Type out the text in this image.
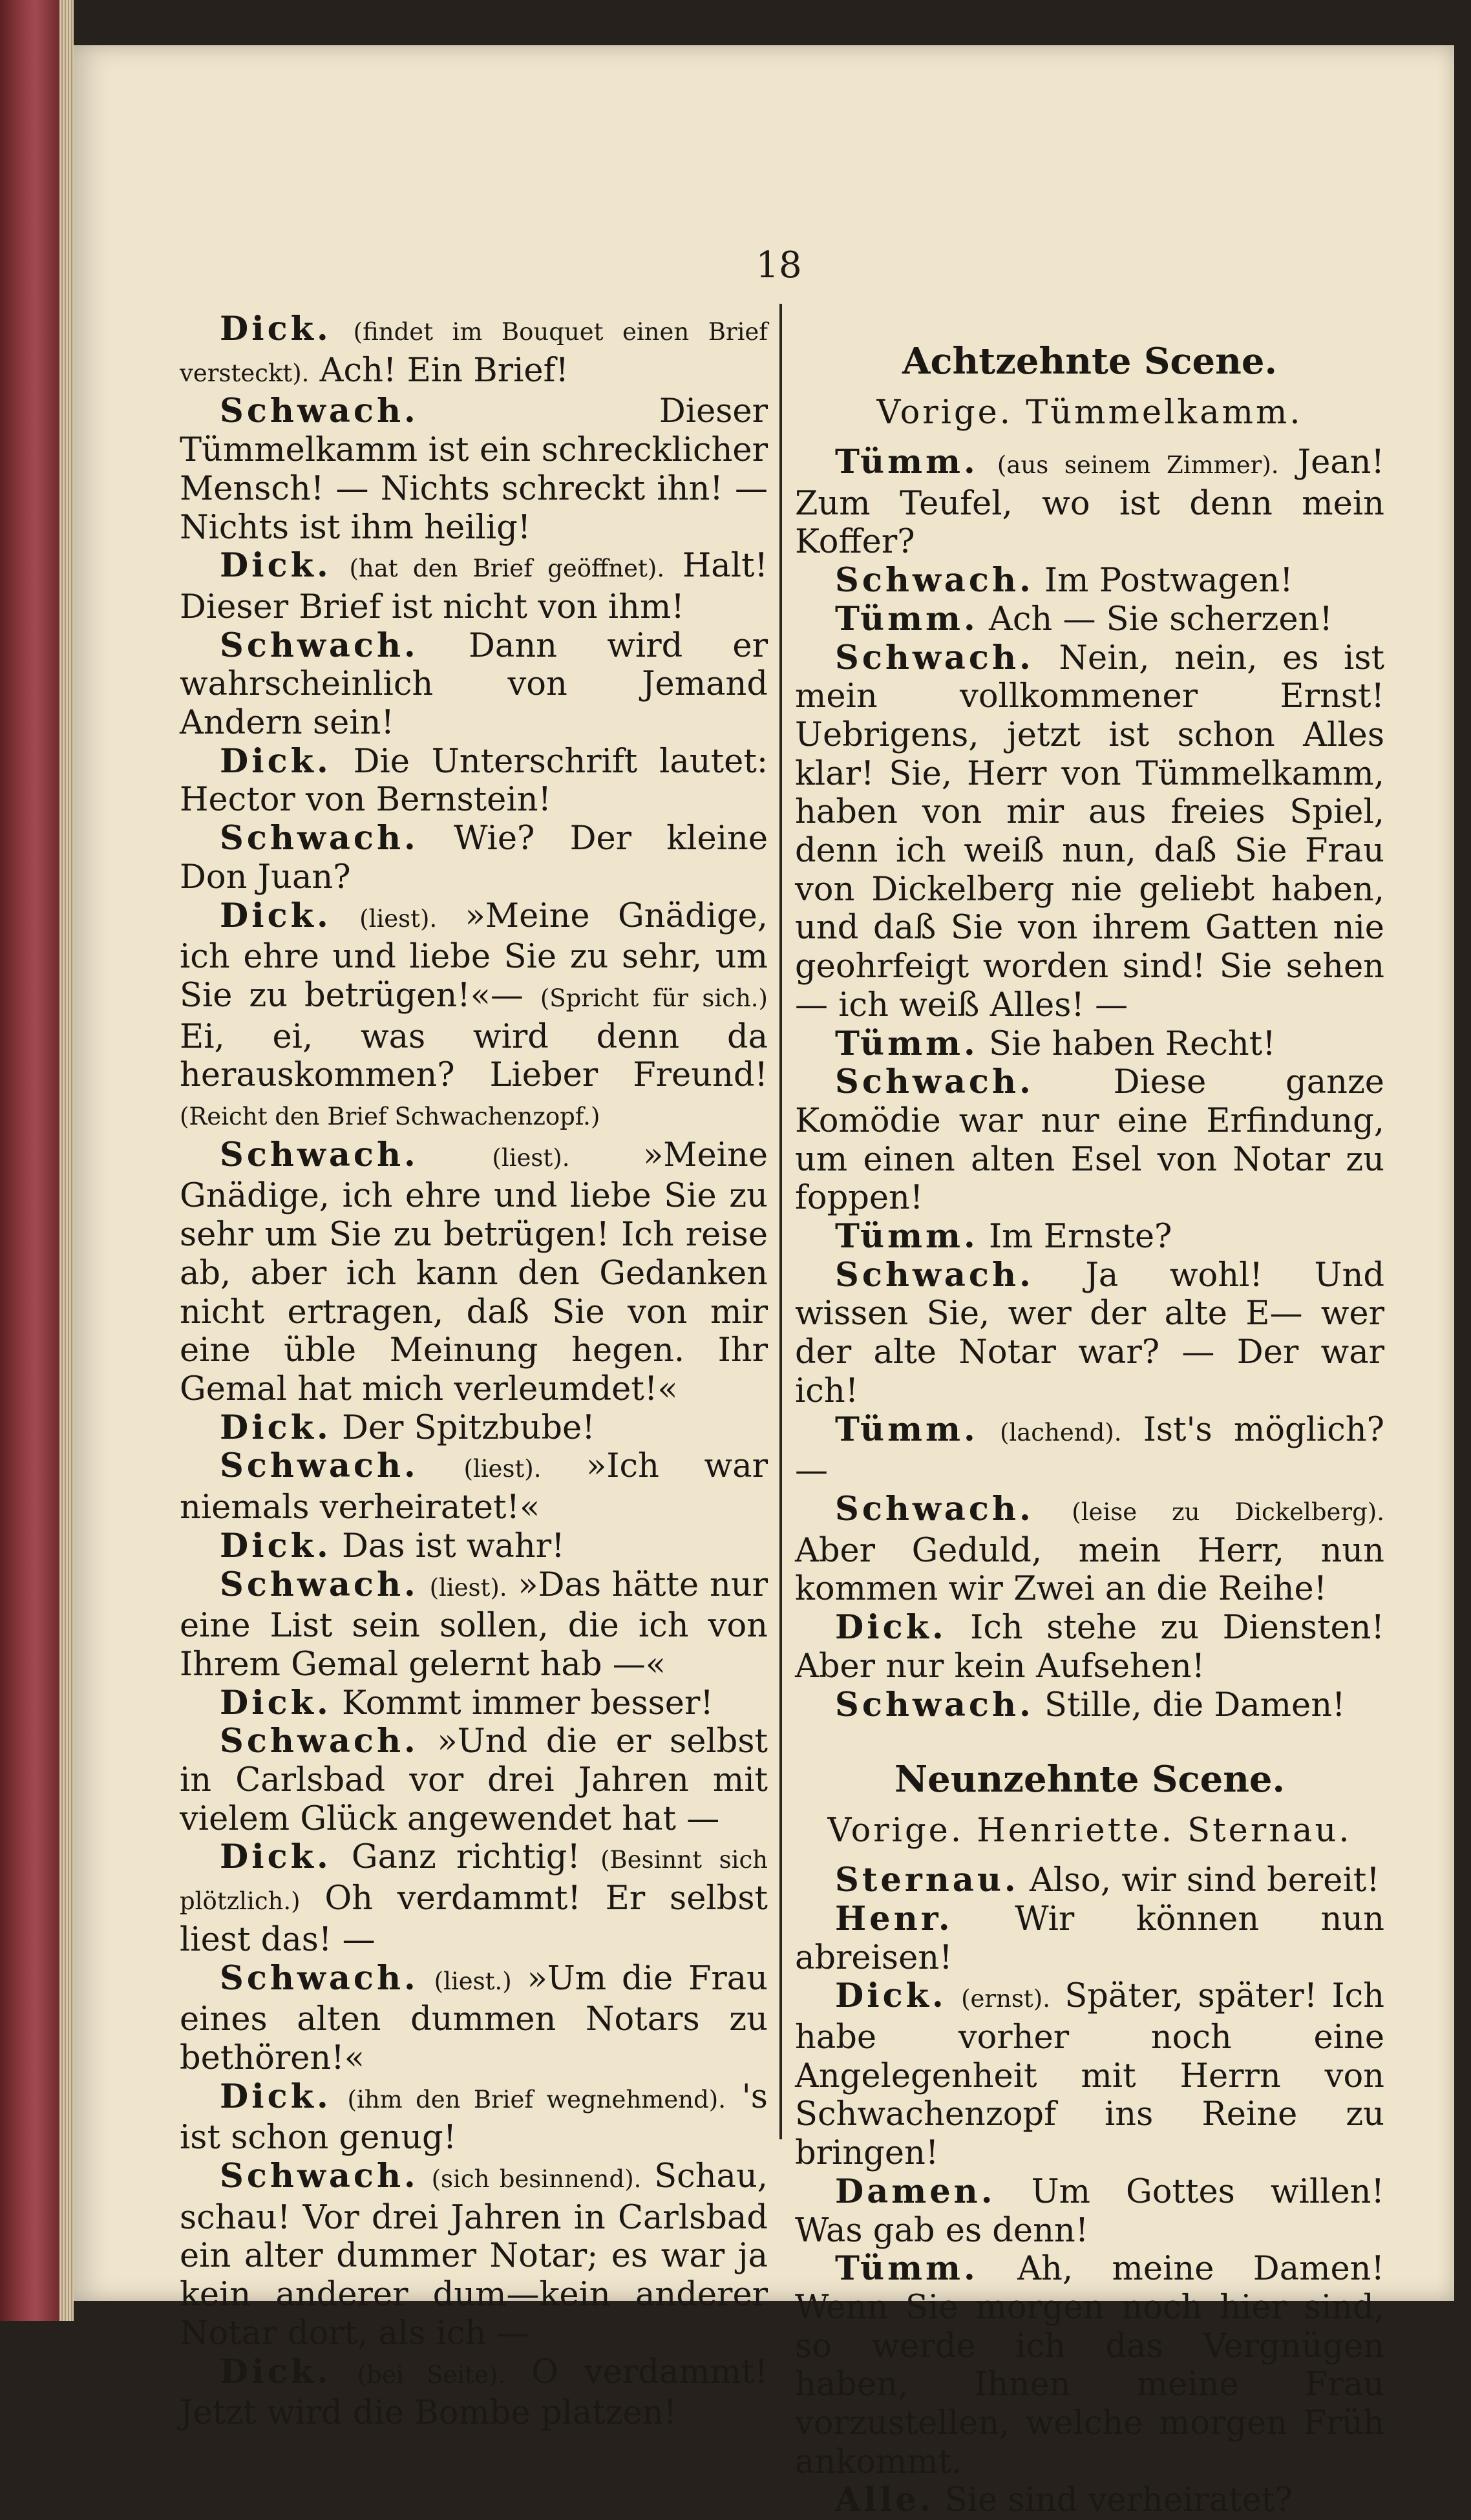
18

Dick. (findet im Bouquet einen Brief versteckt). Ach! Ein Brief!

Schwach.	Dieser Tümmelkamm ist ein schrecklicher Mensch! — Nichts schreckt ihn! — Nichts ist ihm heilig!

Dick. (hat den Brief geöffnet). Halt! Dieser Brief ist nicht von ihm!

Schwach. Dann wird er wahrscheinlich von Jemand Andern sein!

Dick. Die Unterschrift lautet: Hector von Bernstein!

Schwach. Wie? Der kleine Don Juan?

Dick. (liest). »Meine Gnädige, ich ehre und liebe Sie zu sehr, um Sie zu betrügen!«— (Spricht für sich.) Ei, ei, was wird denn da herauskommen? Lieber Freund! (Reicht den Brief Schwachenzopf.)

Schwach.	(liest). »Meine Gnädige, ich ehre und liebe Sie zu sehr um Sie zu betrügen! Ich reise ab, aber ich kann den Gedanken nicht ertragen, daß Sie von mir eine üble Meinung hegen. Ihr Gemal hat mich verleumdet!«

Dick. Der Spitzbube!

Schwach. (liest). »Ich war niemals verheiratet!«

Dick. Das ist wahr!

Schwach. (liest). »Das hätte nur eine List sein sollen, die ich von Ihrem Gemal gelernt hab —«

Dick. Kommt immer besser!

Schwach. »Und die er selbst in Carlsbad vor drei Jahren mit vielem Glück angewendet hat —

Dick. Ganz richtig! (Besinnt sich plötzlich.) Oh verdammt! Er selbst liest das! —

Schwach. (liest.) »Um die Frau eines alten dummen Notars zu bethören!«

Dick. (ihm den Brief wegnehmend). 's ist schon genug!

Schwach. (sich besinnend). Schau, schau! Vor drei Jahren in Carlsbad ein alter dummer Notar; es war ja kein anderer dum—kein anderer Notar dort, als ich —

Dick. (bei Seite). O verdammt! Jetzt wird die Bombe platzen!

Achtzehnte Scene.
Vorige. Tümmelkamm.

Tümm. (aus seinem Zimmer). Jean! Zum Teufel, wo ist denn mein Koffer?

Schwach. Im Postwagen!

Tümm. Ach — Sie scherzen!

Schwach. Nein, nein, es ist mein vollkommener Ernst! Uebrigens, jetzt ist schon Alles klar! Sie, Herr von Tümmelkamm, haben von mir aus freies Spiel, denn ich weiß nun, daß Sie Frau von Dickelberg nie geliebt haben, und daß Sie von ihrem Gatten nie geohrfeigt worden sind! Sie sehen — ich weiß Alles! —

Tümm. Sie haben Recht!

Schwach. Diese ganze Komödie war nur eine Erfindung, um einen alten Esel von Notar zu foppen!

Tümm. Im Ernste?

Schwach. Ja wohl! Und wissen Sie, wer der alte E— wer der alte Notar war? — Der war ich!

Tümm. (lachend). Ist's möglich? —

Schwach. (leise zu Dickelberg). Aber Geduld, mein Herr, nun kommen wir Zwei an die Reihe!

Dick. Ich stehe zu Diensten! Aber nur kein Aufsehen!

Schwach. Stille, die Damen!

Neunzehnte Scene.
Vorige. Henriette. Sternau.

Sternau. Also, wir sind bereit!

Henr. Wir können nun abreisen!

Dick. (ernst). Später, später! Ich habe vorher noch eine Angelegenheit mit Herrn von Schwachenzopf ins Reine zu bringen!

Damen. Um Gottes willen! Was gab es denn!

Tümm. Ah, meine Damen! Wenn Sie morgen noch hier sind, so werde ich das Vergnügen haben, Ihnen meine Frau vorzustellen, welche morgen Früh ankommt.

Alle. Sie sind verheiratet?
